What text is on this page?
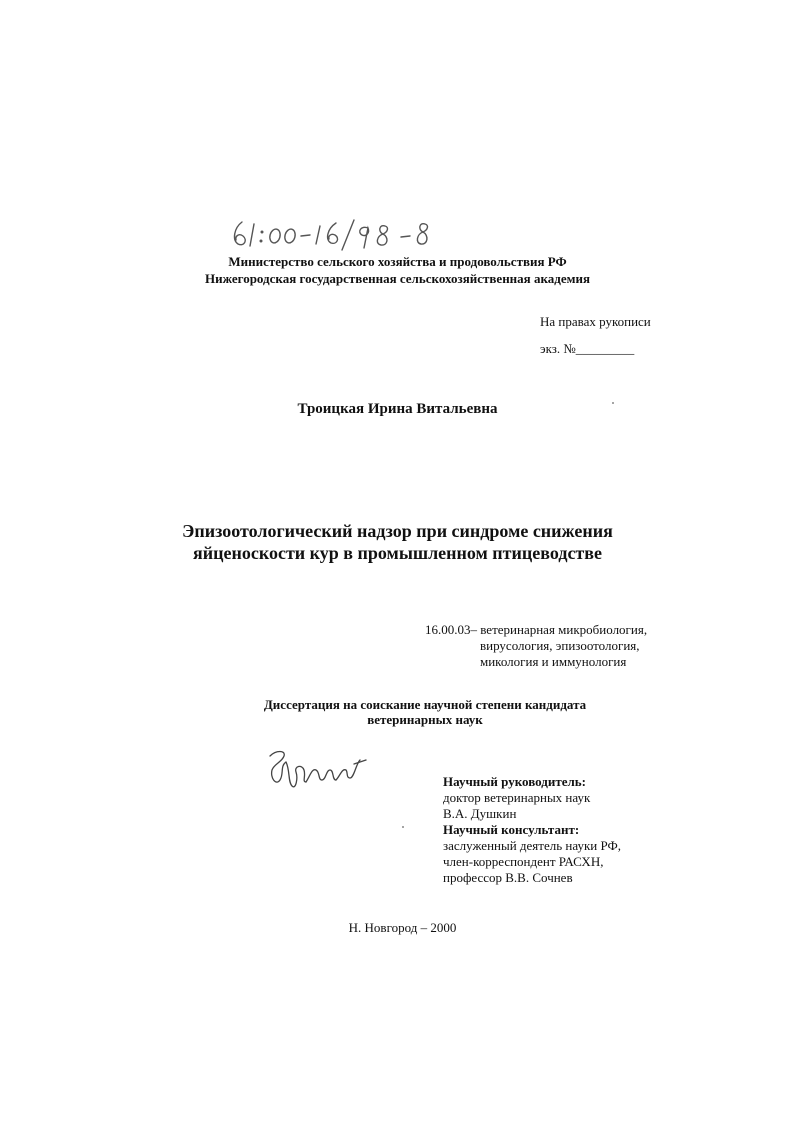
Министерство сельского хозяйства и продовольствия РФ
Нижегородская государственная сельскохозяйственная академия
На правах рукописи
экз. №_________
Троицкая Ирина Витальевна
Эпизоотологический надзор при синдроме снижения
яйценоскости кур в промышленном птицеводстве
16.00.03– ветеринарная микробиология,
вирусология, эпизоотология,
микология и иммунология
Диссертация на соискание научной степени кандидата
ветеринарных наук
Научный руководитель:
доктор ветеринарных наук
В.А. Душкин
Научный консультант:
заслуженный деятель науки РФ,
член-корреспондент РАСХН,
профессор В.В. Сочнев
Н. Новгород – 2000
